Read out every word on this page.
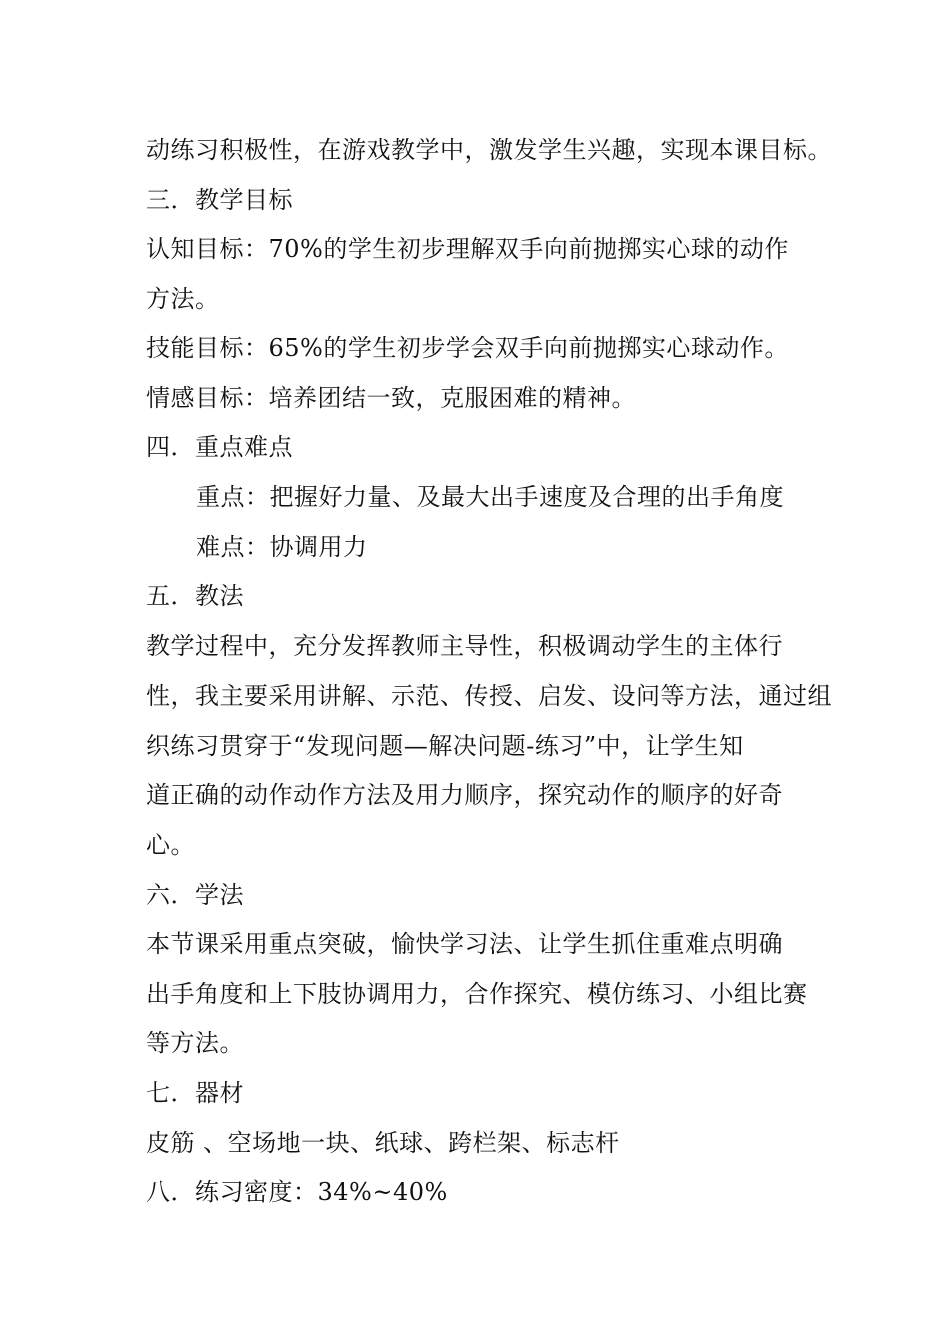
动练习积极性，在游戏教学中，激发学生兴趣，实现本课目标。

三．教学目标

认知目标：70%的学生初步理解双手向前抛掷实心球的动作

方法。

技能目标：65%的学生初步学会双手向前抛掷实心球动作。

情感目标：培养团结一致，克服困难的精神。

四．重点难点

重点：把握好力量、及最大出手速度及合理的出手角度

难点：协调用力

五．教法

教学过程中，充分发挥教师主导性，积极调动学生的主体行

性，我主要采用讲解、示范、传授、启发、设问等方法，通过组

织练习贯穿于“发现问题—解决问题-练习”中，让学生知

道正确的动作动作方法及用力顺序，探究动作的顺序的好奇

心。

六．学法

本节课采用重点突破，愉快学习法、让学生抓住重难点明确

出手角度和上下肢协调用力，合作探究、模仿练习、小组比赛

等方法。

七．器材

皮筋 、空场地一块、纸球、跨栏架、标志杆

八．练习密度：34%~40%
